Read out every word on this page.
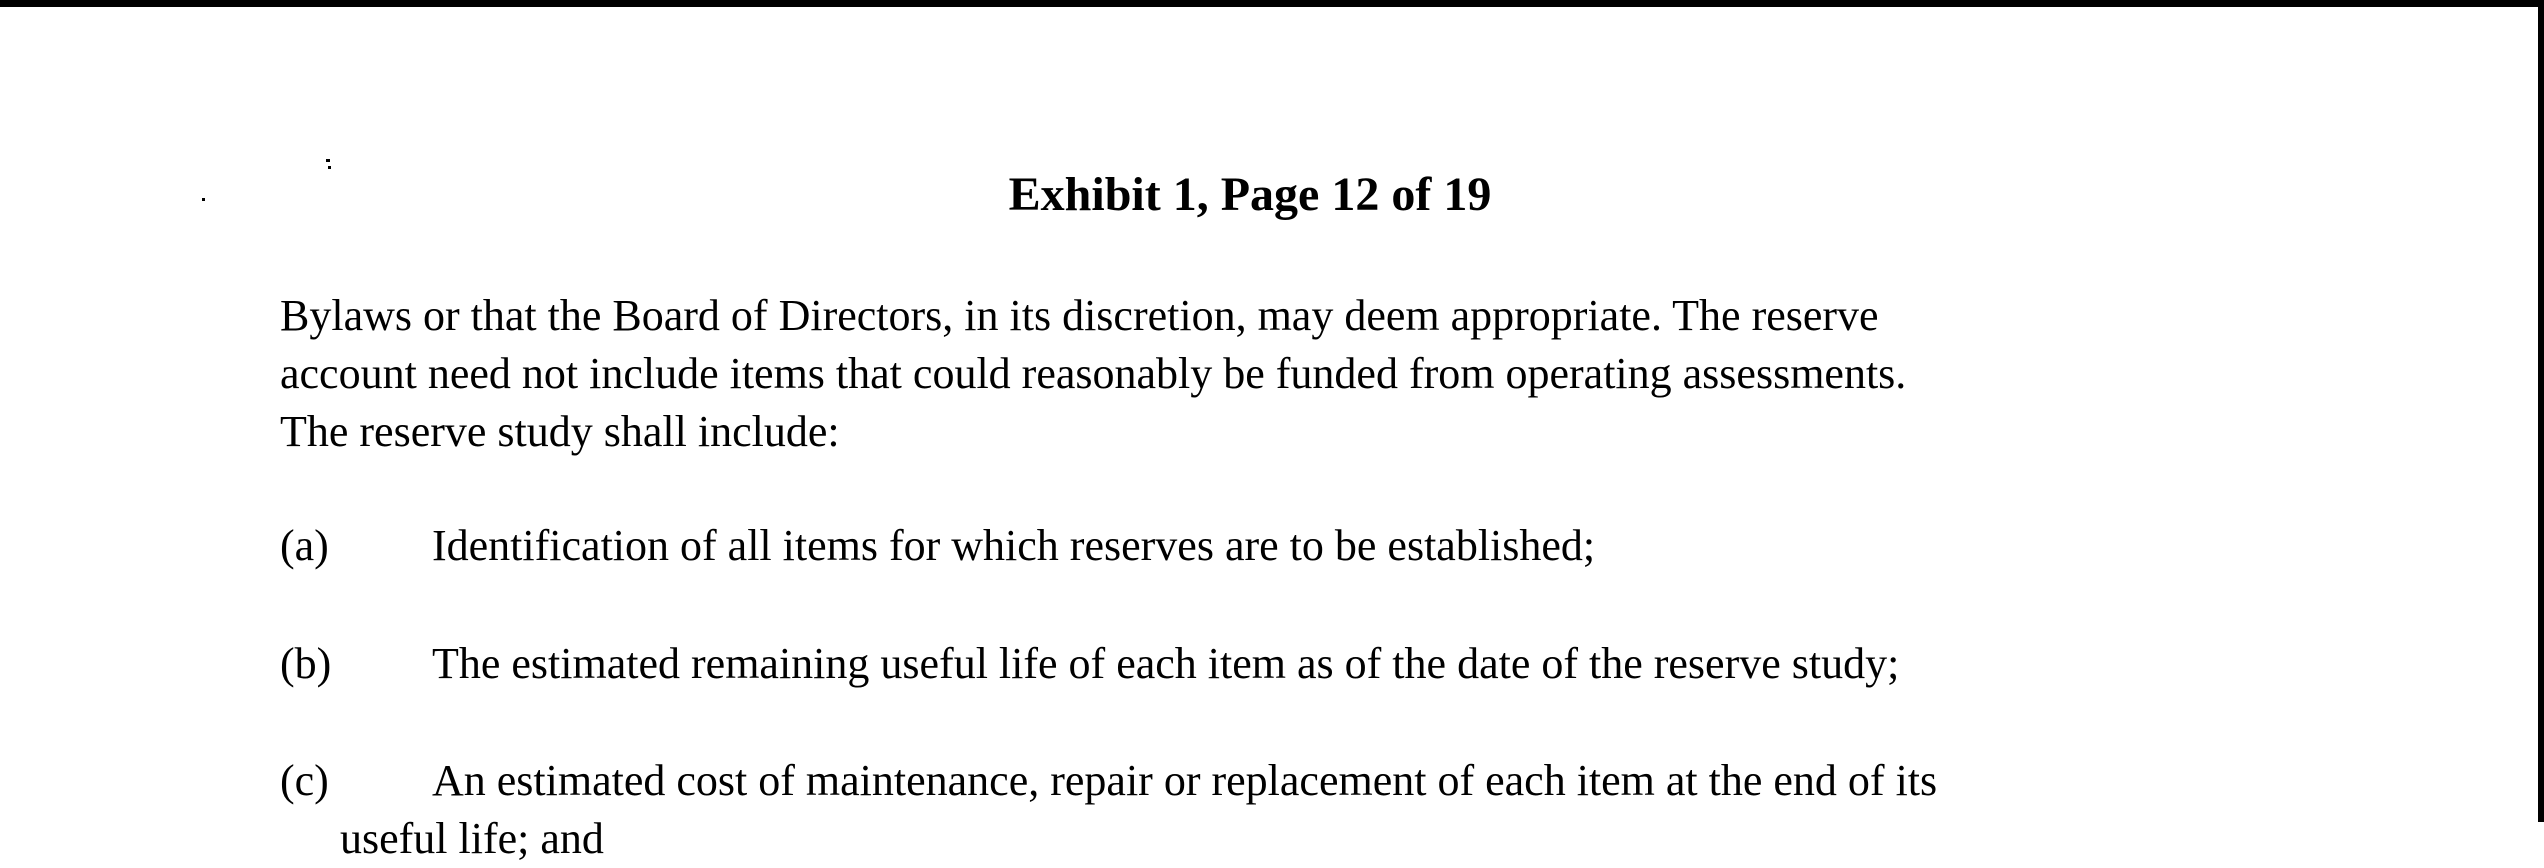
Exhibit 1, Page 12 of 19
Bylaws or that the Board of Directors, in its discretion, may deem appropriate. The reserve
account need not include items that could reasonably be funded from operating assessments.
The reserve study shall include:
(a) Identification of all items for which reserves are to be established;
(b) The estimated remaining useful life of each item as of the date of the reserve study;
(c) An estimated cost of maintenance, repair or replacement of each item at the end of its
useful life; and
